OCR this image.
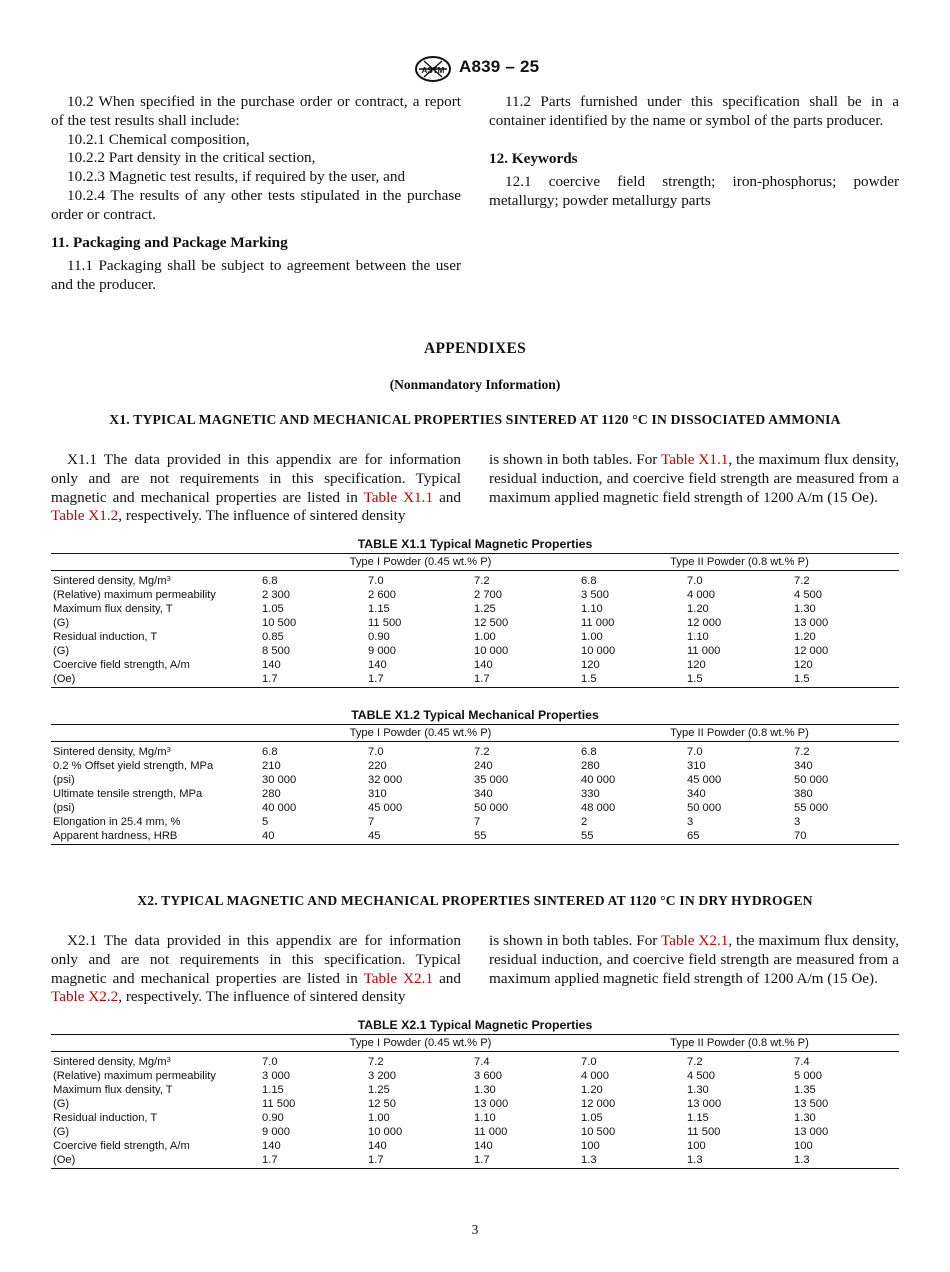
ASTM A839 – 25

10.2 When specified in the purchase order or contract, a report of the test results shall include:

10.2.1 Chemical composition,

10.2.2 Part density in the critical section,

10.2.3 Magnetic test results, if required by the user, and

10.2.4 The results of any other tests stipulated in the purchase order or contract.

11. Packaging and Package Marking

11.1 Packaging shall be subject to agreement between the user and the producer.

11.2 Parts furnished under this specification shall be in a container identified by the name or symbol of the parts producer.

12. Keywords

12.1 coercive field strength; iron-phosphorus; powder metallurgy; powder metallurgy parts

APPENDIXES
(Nonmandatory Information)
X1. TYPICAL MAGNETIC AND MECHANICAL PROPERTIES SINTERED AT 1120 °C IN DISSOCIATED AMMONIA

X1.1 The data provided in this appendix are for information only and are not requirements in this specification. Typical magnetic and mechanical properties are listed in Table X1.1 and Table X1.2, respectively. The influence of sintered density

is shown in both tables. For Table X1.1, the maximum flux density, residual induction, and coercive field strength are measured from a maximum applied magnetic field strength of 1200 A/m (15 Oe).

TABLE X1.1 Typical Magnetic Properties
Type I Powder (0.45 wt.% P)	Type II Powder (0.8 wt.% P)
Sintered density, $Mg/m^3$	6.8	7.0	7.2	6.8	7.0	7.2
(Relative) maximum permeability	2 300	2 600	2 700	3 500	4 000	4 500
Maximum flux density, T	1.05	1.15	1.25	1.10	1.20	1.30
(G)	10 500	11 500	12 500	11 000	12 000	13 000
Residual induction, T	0.85	0.90	1.00	1.00	1.10	1.20
(G)	8 500	9 000	10 000	10 000	11 000	12 000
Coercive field strength, A/m	140	140	140	120	120	120
(Oe)	1.7	1.7	1.7	1.5	1.5	1.5
TABLE X1.2 Typical Mechanical Properties
Type I Powder (0.45 wt.% P)	Type II Powder (0.8 wt.% P)
Sintered density, $Mg/m^3$	6.8	7.0	7.2	6.8	7.0	7.2
0.2 % Offset yield strength, MPa	210	220	240	280	310	340
(psi)	30 000	32 000	35 000	40 000	45 000	50 000
Ultimate tensile strength, MPa	280	310	340	330	340	380
(psi)	40 000	45 000	50 000	48 000	50 000	55 000
Elongation in 25.4 mm, %	5	7	7	2	3	3
Apparent hardness, HRB	40	45	55	55	65	70
X2. TYPICAL MAGNETIC AND MECHANICAL PROPERTIES SINTERED AT 1120 °C IN DRY HYDROGEN

X2.1 The data provided in this appendix are for information only and are not requirements in this specification. Typical magnetic and mechanical properties are listed in Table X2.1 and Table X2.2, respectively. The influence of sintered density

is shown in both tables. For Table X2.1, the maximum flux density, residual induction, and coercive field strength are measured from a maximum applied magnetic field strength of 1200 A/m (15 Oe).

TABLE X2.1 Typical Magnetic Properties
Type I Powder (0.45 wt.% P)	Type II Powder (0.8 wt.% P)
Sintered density, $Mg/m^3$	7.0	7.2	7.4	7.0	7.2	7.4
(Relative) maximum permeability	3 000	3 200	3 600	4 000	4 500	5 000
Maximum flux density, T	1.15	1.25	1.30	1.20	1.30	1.35
(G)	11 500	12 50	13 000	12 000	13 000	13 500
Residual induction, T	0.90	1.00	1.10	1.05	1.15	1.30
(G)	9 000	10 000	11 000	10 500	11 500	13 000
Coercive field strength, A/m	140	140	140	100	100	100
(Oe)	1.7	1.7	1.7	1.3	1.3	1.3
3
